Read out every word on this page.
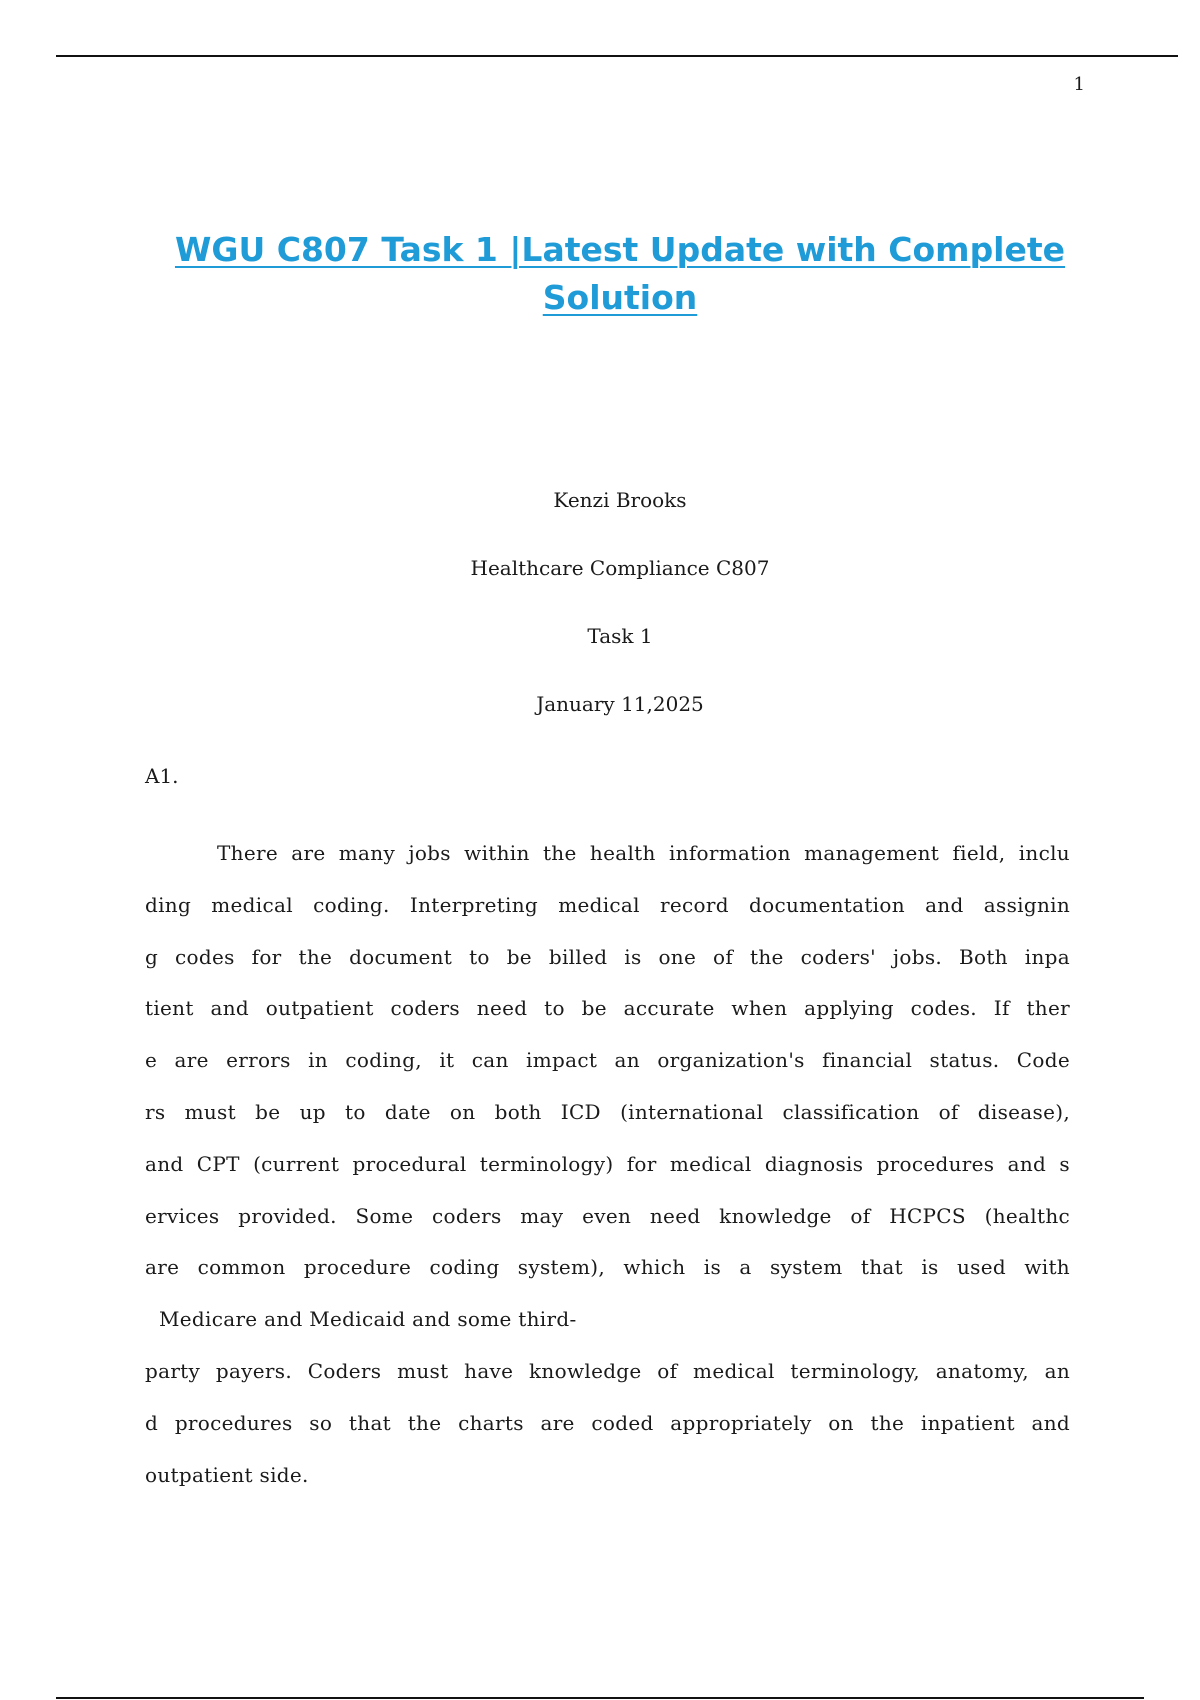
1
WGU C807 Task 1 |Latest Update with Complete Solution
Kenzi Brooks
Healthcare Compliance C807
Task 1
January 11,2025
A1.
There are many jobs within the health information management field, inclu
ding medical coding. Interpreting medical record documentation and assignin
g codes for the document to be billed is one of the coders' jobs. Both inpa
tient and outpatient coders need to be accurate when applying codes. If ther
e are errors in coding, it can impact an organization's financial status. Code
rs must be up to date on both ICD (international classification of disease),
and CPT (current procedural terminology) for medical diagnosis procedures and s
ervices provided. Some coders may even need knowledge of HCPCS (healthc
are common procedure coding system), which is a system that is used with
Medicare and Medicaid and some third-
party payers. Coders must have knowledge of medical terminology, anatomy, an
d procedures so that the charts are coded appropriately on the inpatient and
outpatient side.
